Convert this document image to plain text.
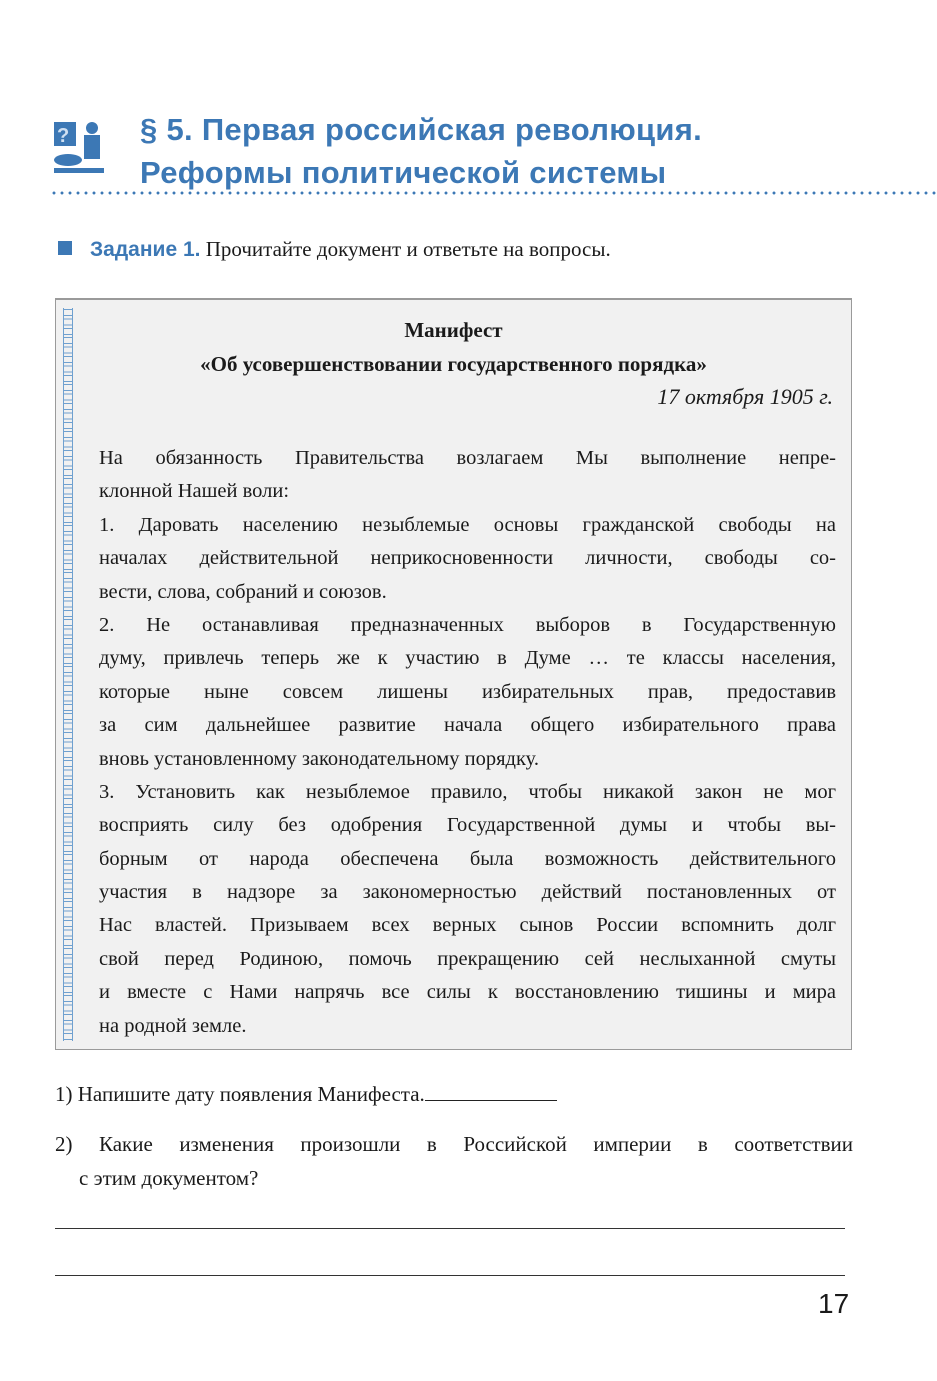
? § 5. Первая российская революция.
Реформы политической системы
Задание 1. Прочитайте документ и ответьте на вопросы.
Манифест
«Об усовершенствовании государственного порядка»
17 октября 1905 г.
На обязанность Правительства возлагаем Мы выполнение непре-
клонной Нашей воли:
1. Даровать населению незыблемые основы гражданской свободы на
началах действительной неприкосновенности личности, свободы со-
вести, слова, собраний и союзов.
2. Не останавливая предназначенных выборов в Государственную
думу, привлечь теперь же к участию в Думе … те классы населения,
которые ныне совсем лишены избирательных прав, предоставив
за сим дальнейшее развитие начала общего избирательного права
вновь установленному законодательному порядку.
3. Установить как незыблемое правило, чтобы никакой закон не мог
восприять силу без одобрения Государственной думы и чтобы вы-
борным от народа обеспечена была возможность действительного
участия в надзоре за закономерностью действий постановленных от
Нас властей. Призываем всех верных сынов России вспомнить долг
свой перед Родиною, помочь прекращению сей неслыханной смуты
и вместе с Нами напрячь все силы к восстановлению тишины и мира
на родной земле.
1) Напишите дату появления Манифеста.
2) Какие изменения произошли в Российской империи в соответствии
с этим документом?
17
